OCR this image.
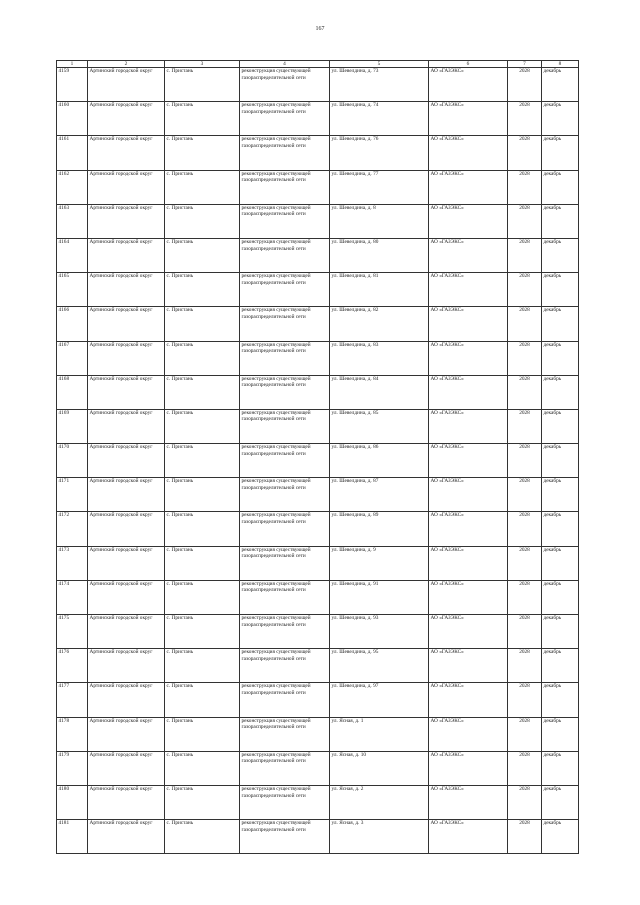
167
1	2	3	4	5	6	7	8
4159	Артинский городской округ	с. Пристань	реконструкция существующей газораспределительной сети	ул. Шевелдина, д. 73	АО «ГАЗЭКС»	2028	декабрь
4160	Артинский городской округ	с. Пристань	реконструкция существующей газораспределительной сети	ул. Шевелдина, д. 74	АО «ГАЗЭКС»	2028	декабрь
4161	Артинский городской округ	с. Пристань	реконструкция существующей газораспределительной сети	ул. Шевелдина, д. 76	АО «ГАЗЭКС»	2028	декабрь
4162	Артинский городской округ	с. Пристань	реконструкция существующей газораспределительной сети	ул. Шевелдина, д. 77	АО «ГАЗЭКС»	2028	декабрь
4163	Артинский городской округ	с. Пристань	реконструкция существующей газораспределительной сети	ул. Шевелдина, д. 8	АО «ГАЗЭКС»	2028	декабрь
4164	Артинский городской округ	с. Пристань	реконструкция существующей газораспределительной сети	ул. Шевелдина, д. 80	АО «ГАЗЭКС»	2028	декабрь
4165	Артинский городской округ	с. Пристань	реконструкция существующей газораспределительной сети	ул. Шевелдина, д. 81	АО «ГАЗЭКС»	2028	декабрь
4166	Артинский городской округ	с. Пристань	реконструкция существующей газораспределительной сети	ул. Шевелдина, д. 82	АО «ГАЗЭКС»	2028	декабрь
4167	Артинский городской округ	с. Пристань	реконструкция существующей газораспределительной сети	ул. Шевелдина, д. 83	АО «ГАЗЭКС»	2028	декабрь
4168	Артинский городской округ	с. Пристань	реконструкция существующей газораспределительной сети	ул. Шевелдина, д. 84	АО «ГАЗЭКС»	2028	декабрь
4169	Артинский городской округ	с. Пристань	реконструкция существующей газораспределительной сети	ул. Шевелдина, д. 85	АО «ГАЗЭКС»	2028	декабрь
4170	Артинский городской округ	с. Пристань	реконструкция существующей газораспределительной сети	ул. Шевелдина, д. 86	АО «ГАЗЭКС»	2028	декабрь
4171	Артинский городской округ	с. Пристань	реконструкция существующей газораспределительной сети	ул. Шевелдина, д. 87	АО «ГАЗЭКС»	2028	декабрь
4172	Артинский городской округ	с. Пристань	реконструкция существующей газораспределительной сети	ул. Шевелдина, д. 89	АО «ГАЗЭКС»	2028	декабрь
4173	Артинский городской округ	с. Пристань	реконструкция существующей газораспределительной сети	ул. Шевелдина, д. 9	АО «ГАЗЭКС»	2028	декабрь
4174	Артинский городской округ	с. Пристань	реконструкция существующей газораспределительной сети	ул. Шевелдина, д. 91	АО «ГАЗЭКС»	2028	декабрь
4175	Артинский городской округ	с. Пристань	реконструкция существующей газораспределительной сети	ул. Шевелдина, д. 93	АО «ГАЗЭКС»	2028	декабрь
4176	Артинский городской округ	с. Пристань	реконструкция существующей газораспределительной сети	ул. Шевелдина, д. 95	АО «ГАЗЭКС»	2028	декабрь
4177	Артинский городской округ	с. Пристань	реконструкция существующей газораспределительной сети	ул. Шевелдина, д. 97	АО «ГАЗЭКС»	2028	декабрь
4178	Артинский городской округ	с. Пристань	реконструкция существующей газораспределительной сети	ул. Ясная, д. 1	АО «ГАЗЭКС»	2028	декабрь
4179	Артинский городской округ	с. Пристань	реконструкция существующей газораспределительной сети	ул. Ясная, д. 10	АО «ГАЗЭКС»	2028	декабрь
4180	Артинский городской округ	с. Пристань	реконструкция существующей газораспределительной сети	ул. Ясная, д. 2	АО «ГАЗЭКС»	2028	декабрь
4181	Артинский городской округ	с. Пристань	реконструкция существующей газораспределительной сети	ул. Ясная, д. 3	АО «ГАЗЭКС»	2028	декабрь
